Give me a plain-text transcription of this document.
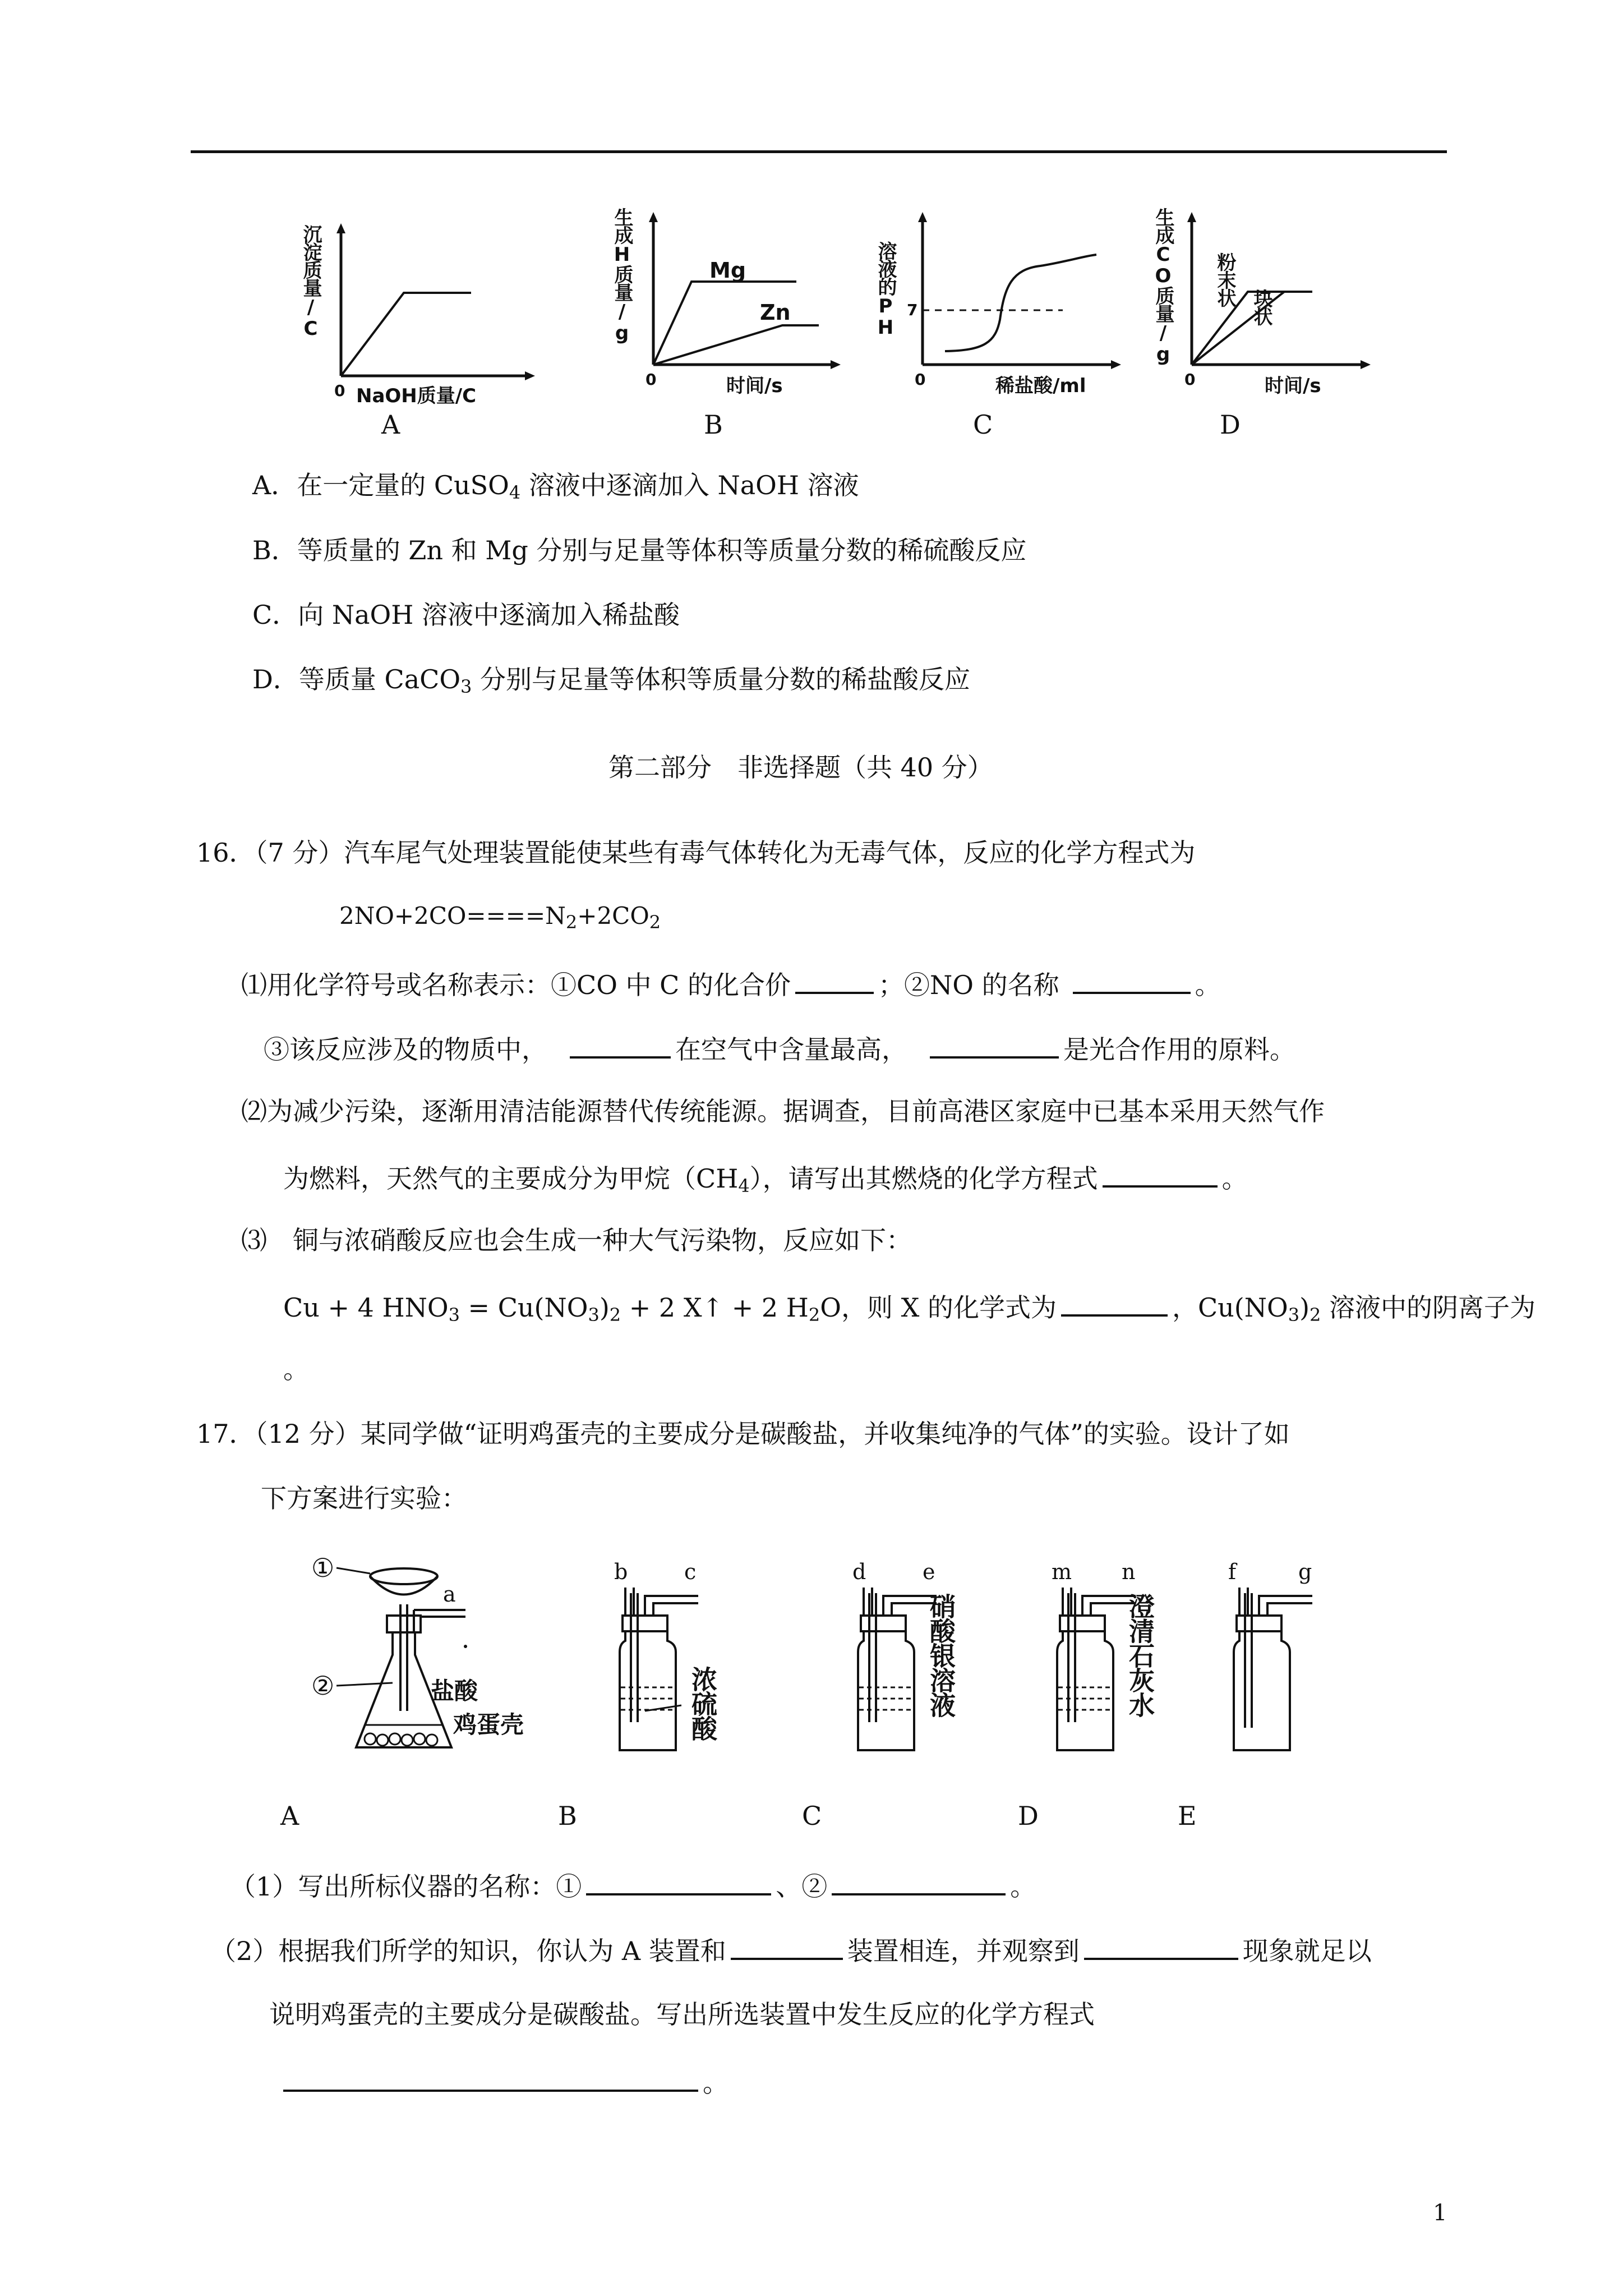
沉淀质量/C
0 NaOH质量/C
A
生成H质量/g	Mg
Zn
0	时间/s
B
溶液的PH 7
0	稀盐酸/ml
C
生成CO质量/g 粉末状
块状
0	时间/s
D
A．在一定量的 CuSO$_4$ 溶液中逐滴加入 NaOH 溶液
B．等质量的 Zn 和 Mg 分别与足量等体积等质量分数的稀硫酸反应
C．向 NaOH 溶液中逐滴加入稀盐酸
D．等质量 CaCO$_3$ 分别与足量等体积等质量分数的稀盐酸反应
第二部分　非选择题（共 40 分）
16．（7 分）汽车尾气处理装置能使某些有毒气体转化为无毒气体，反应的化学方程式为
$2NO+2CO====N_2+2CO_2$
⑴用化学符号或名称表示：①CO 中 C 的化合价	；②NO 的名称	。
③该反应涉及的物质中，	在空气中含量最高，	是光合作用的原料。
⑵为减少污染，逐渐用清洁能源替代传统能源。据调查，目前高港区家庭中已基本采用天然气作
为燃料，天然气的主要成分为甲烷$(CH_4)$，请写出其燃烧的化学方程式	。
⑶　铜与浓硝酸反应也会生成一种大气污染物，反应如下：
Cu + 4 $HNO_3 = Cu(NO_3)_2 + 2$ X↑ + 2 $H_2O$，则 X 的化学式为	，$Cu(NO_3)_2$ 溶液中的阴离子为
。
17．（12 分）某同学做“证明鸡蛋壳的主要成分是碳酸盐，并收集纯净的气体”的实验。设计了如
下方案进行实验：
①
②
a
盐酸
鸡蛋壳
A
b	c
浓硫酸
B
d	e
硝酸银溶液
C
m n
澄清石灰水
D
f	g
E
（1）写出所标仪器的名称：①	、②	。
（2）根据我们所学的知识，你认为 A 装置和	装置相连，并观察到	现象就足以
说明鸡蛋壳的主要成分是碳酸盐。写出所选装置中发生反应的化学方程式
。
1
